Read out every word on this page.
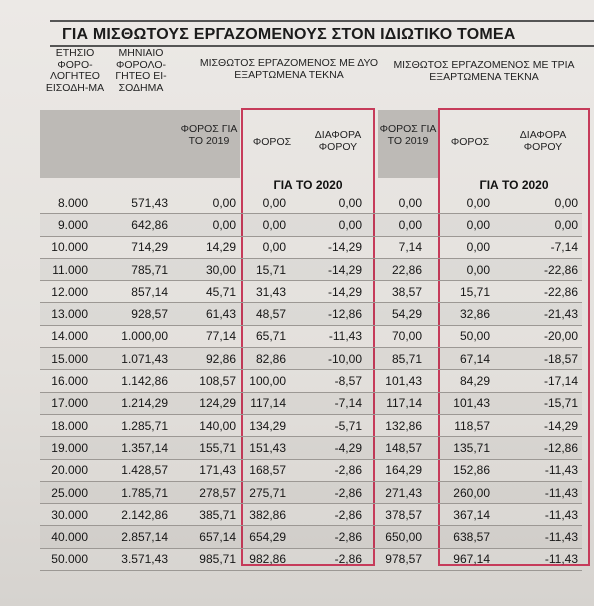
ΓΙΑ ΜΙΣΘΩΤΟΥΣ ΕΡΓΑΖΟΜΕΝΟΥΣ ΣΤΟΝ ΙΔΙΩΤΙΚΟ ΤΟΜΕΑ
ΕΤΗΣΙΟ ΦΟΡΟ-ΛΟΓΗΤΕΟ ΕΙΣΟΔΗ-ΜΑ
ΜΗΝΙΑΙΟ ΦΟΡΟΛΟ-ΓΗΤΕΟ ΕΙ-ΣΟΔΗΜΑ
ΜΙΣΘΩΤΟΣ ΕΡΓΑΖΟΜΕΝΟΣ ΜΕ ΔΥΟ ΕΞΑΡΤΩΜΕΝΑ ΤΕΚΝΑ
ΜΙΣΘΩΤΟΣ ΕΡΓΑΖΟΜΕΝΟΣ ΜΕ ΤΡΙΑ ΕΞΑΡΤΩΜΕΝΑ ΤΕΚΝΑ
ΦΟΡΟΣ ΓΙΑ ΤΟ 2019
ΦΟΡΟΣ ΓΙΑ ΤΟ 2019
ΦΟΡΟΣ
ΔΙΑΦΟΡΑ ΦΟΡΟΥ	ΦΟΡΟΣ
ΔΙΑΦΟΡΑ ΦΟΡΟΥ
ΓΙΑ ΤΟ 2020	ΓΙΑ ΤΟ 2020
8.000	571,43	0,00	0,00	0,00	0,00	0,00	0,00
9.000	642,86	0,00	0,00	0,00	0,00	0,00	0,00
10.000	714,29	14,29	0,00	-14,29	7,14	0,00	-7,14
11.000	785,71	30,00	15,71	-14,29	22,86	0,00	-22,86
12.000	857,14	45,71	31,43	-14,29	38,57	15,71	-22,86
13.000	928,57	61,43	48,57	-12,86	54,29	32,86	-21,43
14.000	1.000,00	77,14	65,71	-11,43	70,00	50,00	-20,00
15.000	1.071,43	92,86	82,86	-10,00	85,71	67,14	-18,57
16.000	1.142,86	108,57	100,00	-8,57	101,43	84,29	-17,14
17.000	1.214,29	124,29	117,14	-7,14	117,14	101,43	-15,71
18.000	1.285,71	140,00	134,29	-5,71	132,86	118,57	-14,29
19.000	1.357,14	155,71	151,43	-4,29	148,57	135,71	-12,86
20.000	1.428,57	171,43	168,57	-2,86	164,29	152,86	-11,43
25.000	1.785,71	278,57	275,71	-2,86	271,43	260,00	-11,43
30.000	2.142,86	385,71	382,86	-2,86	378,57	367,14	-11,43
40.000	2.857,14	657,14	654,29	-2,86	650,00	638,57	-11,43
50.000	3.571,43	985,71	982,86	-2,86	978,57	967,14	-11,43
